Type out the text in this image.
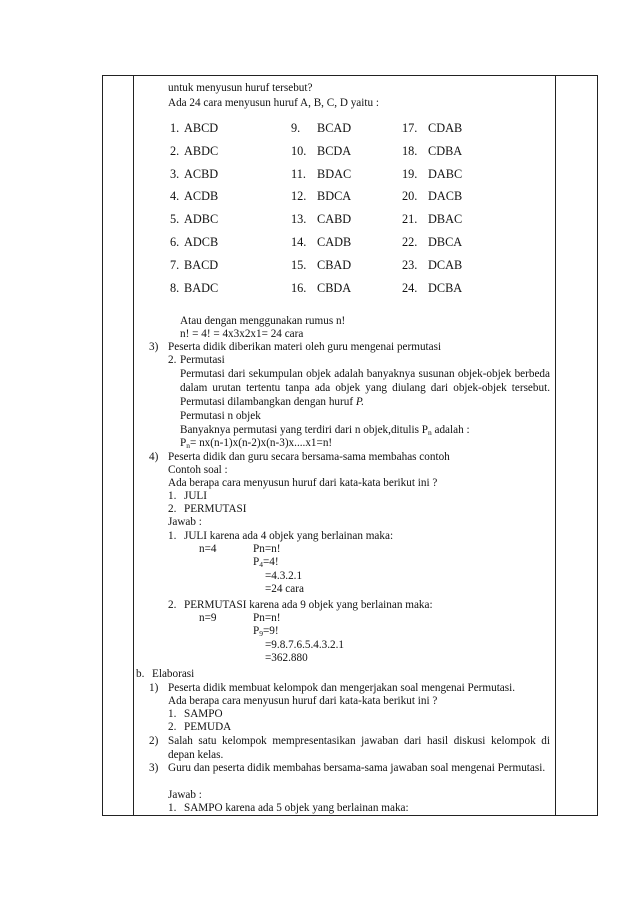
untuk menyusun huruf tersebut?
Ada 24 cara menyusun huruf A, B, C, D yaitu :
1. ABCD
2. ABDC
3. ACBD
4. ACDB
5. ADBC
6. ADCB
7. BACD
8. BADC
9. BCAD
10. BCDA
11. BDAC
12. BDCA
13. CABD
14. CADB
15. CBAD
16. CBDA
17. CDAB
18. CDBA
19. DABC
20. DACB
21. DBAC
22. DBCA
23. DCAB
24. DCBA
Atau dengan menggunakan rumus n!
n! = 4! = 4x3x2x1= 24 cara
3) Peserta didik diberikan materi oleh guru mengenai permutasi
2. Permutasi
Permutasi dari sekumpulan objek adalah banyaknya susunan objek-objek berbeda dalam urutan tertentu tanpa ada objek yang diulang dari objek-objek tersebut. Permutasi dilambangkan dengan huruf P.
Permutasi n objek
Banyaknya permutasi yang terdiri dari n objek,ditulis $P_n$ adalah :
$P_n= nx(n-1)x(n-2)x(n-3)x....x1=n$!
4) Peserta didik dan guru secara bersama-sama membahas contoh
Contoh soal :
Ada berapa cara menyusun huruf dari kata-kata berikut ini ?
1. JULI
2. PERMUTASI
Jawab :
1. JULI karena ada 4 objek yang berlainan maka:
n=4	Pn=n!
$P_4=4$!
=4.3.2.1
=24 cara
2. PERMUTASI karena ada 9 objek yang berlainan maka:
n=9	Pn=n!
$P_9=9$!
=9.8.7.6.5.4.3.2.1
=362.880
b. Elaborasi
1) Peserta didik membuat kelompok dan mengerjakan soal mengenai Permutasi.
Ada berapa cara menyusun huruf dari kata-kata berikut ini ?
1. SAMPO
2. PEMUDA
2) Salah satu kelompok mempresentasikan jawaban dari hasil diskusi kelompok di depan kelas.
3) Guru dan peserta didik membahas bersama-sama jawaban soal mengenai Permutasi.
Jawab :
1. SAMPO karena ada 5 objek yang berlainan maka:
